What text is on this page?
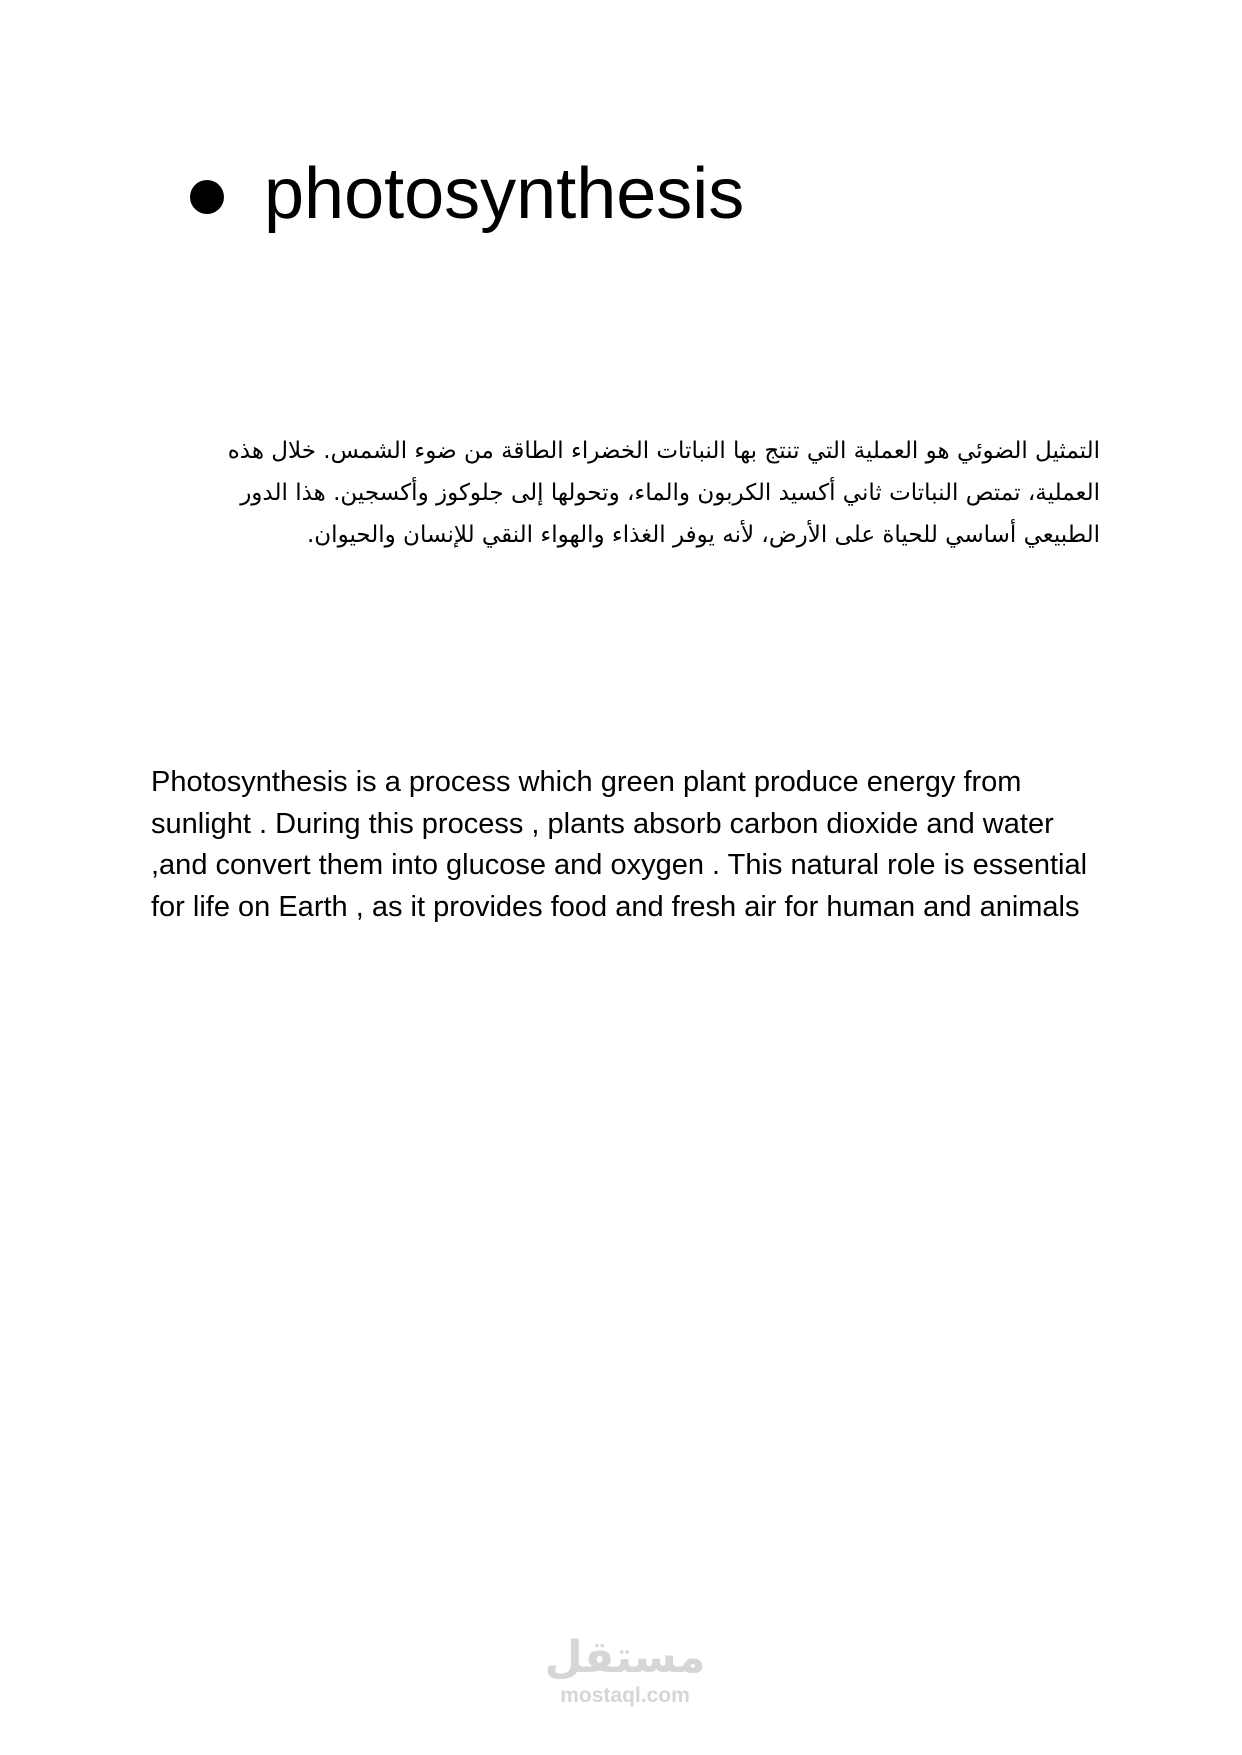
photosynthesis

التمثيل الضوئي هو العملية التي تنتج بها النباتات الخضراء الطاقة من ضوء الشمس. خلال هذه العملية، تمتص النباتات ثاني أكسيد الكربون والماء، وتحولها إلى جلوكوز وأكسجين. هذا الدور الطبيعي أساسي للحياة على الأرض، لأنه يوفر الغذاء والهواء النقي للإنسان والحيوان.

Photosynthesis is a process which green plant produce energy from sunlight . During this process , plants absorb carbon dioxide and water ,and convert them into glucose and oxygen . This natural role is essential for life on Earth , as it provides food and fresh air for human and animals

مستقل
mostaql.com
